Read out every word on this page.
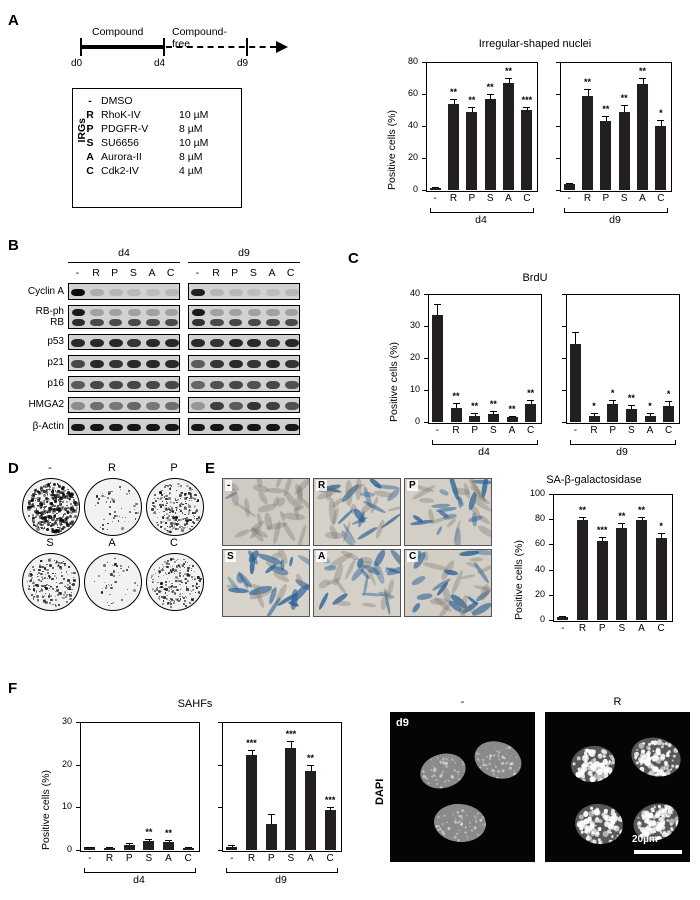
A
Compound	Compound-free
d0	d4	d9
-	DMSO	
R	RhoK-IV	10 µM
P	PDGFR-V	8 µM
S	SU6656	10 µM
A	Aurora-II	8 µM
C	Cdk2-IV	4 µM
IRGs
Irregular-shaped nuclei
Positive cells (%)	0
20
40
60
80
-
**
R
**
P
**
S
**
A
***
C
d4
-
**
R
**
P
**
S
**
A
*
C
d9
B	d4
-	R	P	S	A	C
d9
-	R	P	S	A	C
Cyclin A
RB-ph
RB
p53
p21
p16
HMGA2
β-Actin
C
BrdU
Positive cells (%)	0
10
20
30
40
-
**
R
**
P
**
S
**
A
**
C
d4
-
*
R
*
P
**
S
*
A
*
C
d9
D	E
SA-β-galactosidase
Positive cells (%)	0
20
40
60
80
100
-
**
R
***
P
**
S
**
A
*
C
F
SAHFs
Positive cells (%)	0
10
20
30
-	R	P
**
S
**
A	C
d4
-
***
R	P
***
S
**
A
***
C
d9
-	R	P
S	A	C
-	R	P
S	A	C
DAPI
-	R
d9
20µm
